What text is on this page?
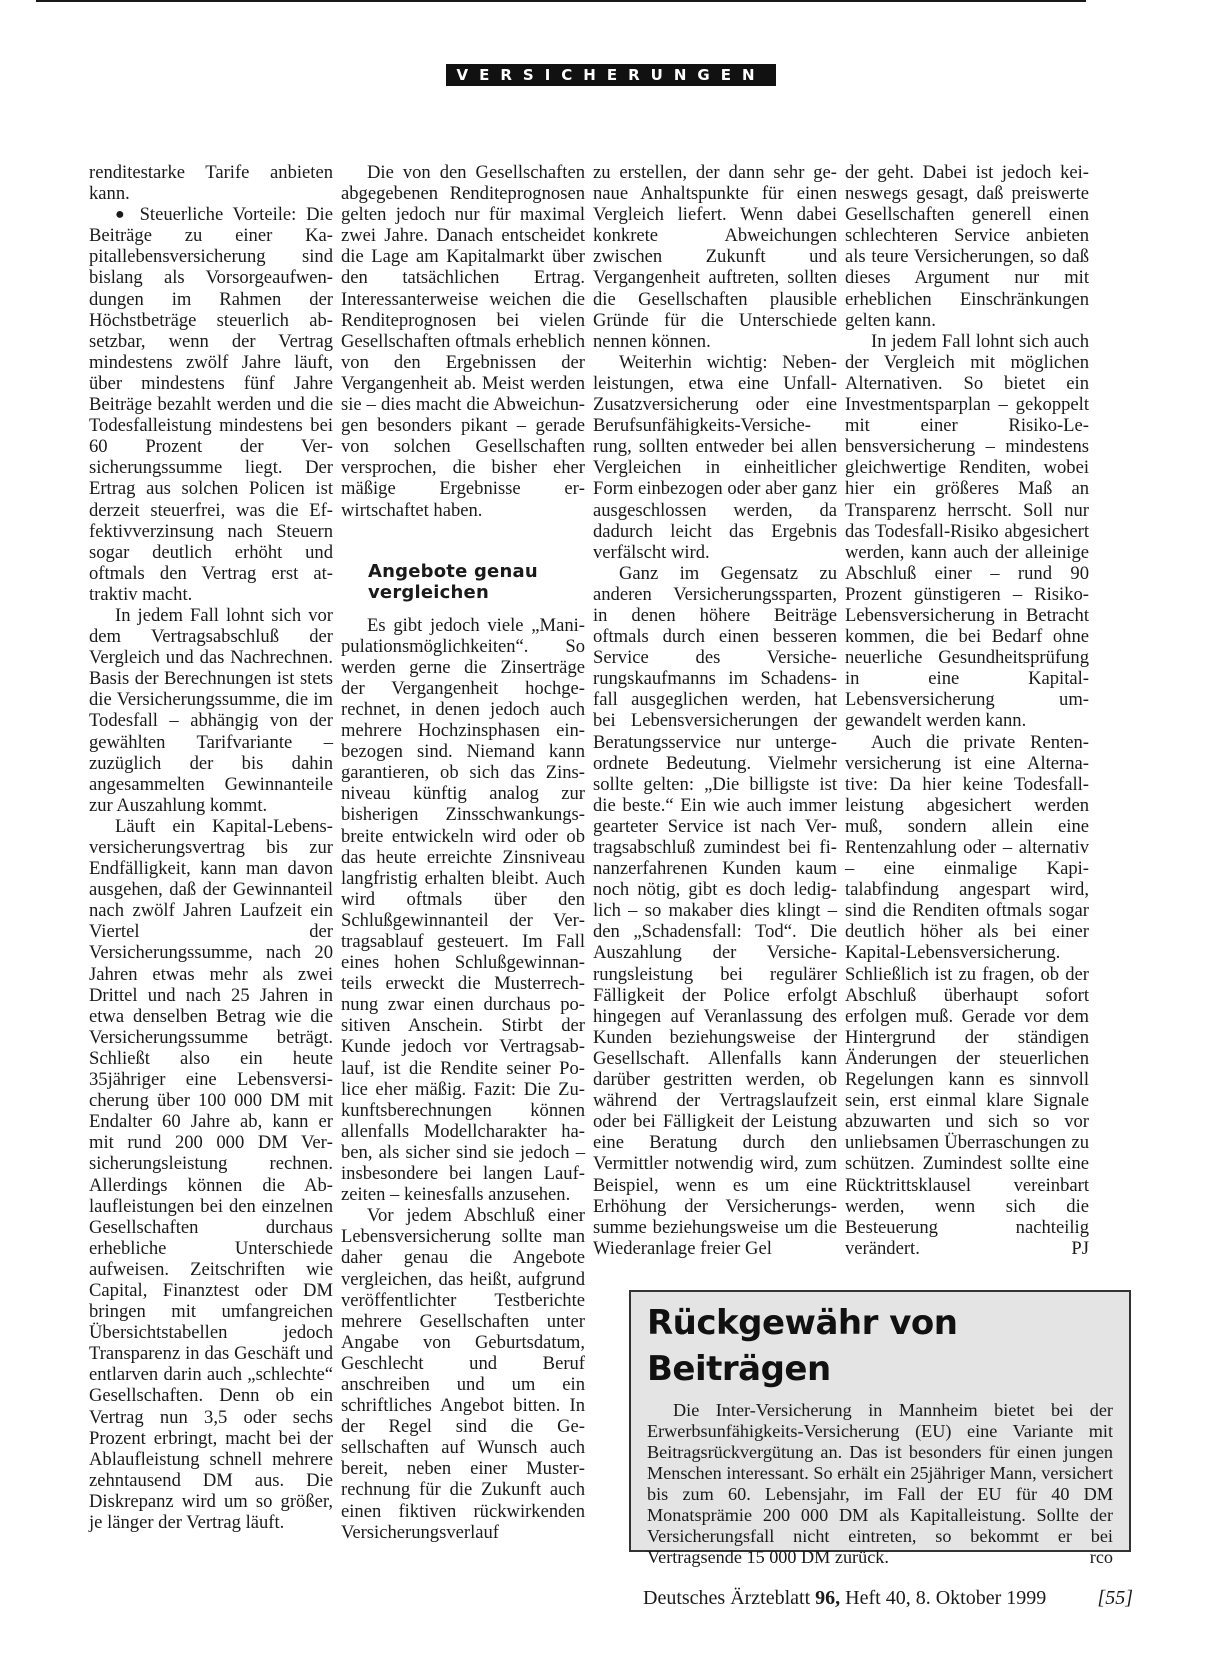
VERSICHERUNGEN

renditestarke Tarife anbieten kann.

● Steuerliche Vorteile: Die Beiträge zu einer Kapitallebensversicherung sind bislang als Vorsorgeaufwendungen im Rahmen der Höchstbeträge steuerlich absetzbar, wenn der Vertrag mindestens zwölf Jahre läuft, über mindestens fünf Jahre Beiträge bezahlt werden und die Todesfalleistung mindestens bei 60 Prozent der Versicherungssumme liegt. Der Ertrag aus solchen Policen ist derzeit steuerfrei, was die Effektivverzinsung nach Steuern sogar deutlich erhöht und oftmals den Vertrag erst attraktiv macht.

In jedem Fall lohnt sich vor dem Vertragsabschluß der Vergleich und das Nachrechnen. Basis der Berechnungen ist stets die Versicherungssumme, die im Todesfall – abhängig von der gewählten Tarifvariante – zuzüglich der bis dahin angesammelten Gewinnanteile zur Auszahlung kommt.

Läuft ein Kapital-Lebensversicherungsvertrag bis zur Endfälligkeit, kann man davon ausgehen, daß der Gewinnanteil nach zwölf Jahren Laufzeit ein Viertel der Versicherungssumme, nach 20 Jahren etwas mehr als zwei Drittel und nach 25 Jahren in etwa denselben Betrag wie die Versicherungssumme beträgt. Schließt also ein heute 35jähriger eine Lebensversicherung über 100 000 DM mit Endalter 60 Jahre ab, kann er mit rund 200 000 DM Versicherungsleistung rechnen. Allerdings können die Ablaufleistungen bei den einzelnen Gesellschaften durchaus erhebliche Unterschiede aufweisen. Zeitschriften wie Capital, Finanztest oder DM bringen mit umfangreichen Übersichtstabellen jedoch Transparenz in das Geschäft und entlarven darin auch „schlechte“ Gesellschaften. Denn ob ein Vertrag nun 3,5 oder sechs Prozent erbringt, macht bei der Ablaufleistung schnell mehrere zehntausend DM aus. Die Diskrepanz wird um so größer, je länger der Vertrag läuft.

Die von den Gesellschaften abgegebenen Renditeprognosen gelten jedoch nur für maximal zwei Jahre. Danach entscheidet die Lage am Kapitalmarkt über den tatsächlichen Ertrag. Interessanterweise weichen die Renditeprognosen bei vielen Gesellschaften oftmals erheblich von den Ergebnissen der Vergangenheit ab. Meist werden sie – dies macht die Abweichungen besonders pikant – gerade von solchen Gesellschaften versprochen, die bisher eher mäßige Ergebnisse erwirtschaftet haben.

Angebote genau vergleichen

Es gibt jedoch viele „Manipulationsmöglichkeiten“. So werden gerne die Zinserträge der Vergangenheit hochgerechnet, in denen jedoch auch mehrere Hochzinsphasen einbezogen sind. Niemand kann garantieren, ob sich das Zinsniveau künftig analog zur bisherigen Zinsschwankungsbreite entwickeln wird oder ob das heute erreichte Zinsniveau langfristig erhalten bleibt. Auch wird oftmals über den Schlußgewinnanteil der Vertragsablauf gesteuert. Im Fall eines hohen Schlußgewinnanteils erweckt die Musterrechnung zwar einen durchaus positiven Anschein. Stirbt der Kunde jedoch vor Vertragsablauf, ist die Rendite seiner Police eher mäßig. Fazit: Die Zukunftsberechnungen können allenfalls Modellcharakter haben, als sicher sind sie jedoch – insbesondere bei langen Laufzeiten – keinesfalls anzusehen.

Vor jedem Abschluß einer Lebensversicherung sollte man daher genau die Angebote vergleichen, das heißt, aufgrund veröffentlichter Testberichte mehrere Gesellschaften unter Angabe von Geburtsdatum, Geschlecht und Beruf anschreiben und um ein schriftliches Angebot bitten. In der Regel sind die Gesellschaften auf Wunsch auch bereit, neben einer Musterrechnung für die Zukunft auch einen fiktiven rückwirkenden Versicherungsverlauf

zu erstellen, der dann sehr genaue Anhaltspunkte für einen Vergleich liefert. Wenn dabei konkrete Abweichungen zwischen Zukunft und Vergangenheit auftreten, sollten die Gesellschaften plausible Gründe für die Unterschiede nennen können.

Weiterhin wichtig: Nebenleistungen, etwa eine Unfall-Zusatzversicherung oder eine Berufsunfähigkeits-Versicherung, sollten entweder bei allen Vergleichen in einheitlicher Form einbezogen oder aber ganz ausgeschlossen werden, da dadurch leicht das Ergebnis verfälscht wird.

Ganz im Gegensatz zu anderen Versicherungssparten, in denen höhere Beiträge oftmals durch einen besseren Service des Versicherungskaufmanns im Schadensfall ausgeglichen werden, hat bei Lebensversicherungen der Beratungsservice nur untergeordnete Bedeutung. Vielmehr sollte gelten: „Die billigste ist die beste.“ Ein wie auch immer gearteter Service ist nach Vertragsabschluß zumindest bei finanzerfahrenen Kunden kaum noch nötig, gibt es doch lediglich – so makaber dies klingt – den „Schadensfall: Tod“. Die Auszahlung der Versicherungsleistung bei regulärer Fälligkeit der Police erfolgt hingegen auf Veranlassung des Kunden beziehungsweise der Gesellschaft. Allenfalls kann darüber gestritten werden, ob während der Vertragslaufzeit oder bei Fälligkeit der Leistung eine Beratung durch den Vermittler notwendig wird, zum Beispiel, wenn es um eine Erhöhung der Versicherungssumme beziehungsweise um die Wiederanlage freier Gel

der geht. Dabei ist jedoch keineswegs gesagt, daß preiswerte Gesellschaften generell einen schlechteren Service anbieten als teure Versicherungen, so daß dieses Argument nur mit erheblichen Einschränkungen gelten kann.

In jedem Fall lohnt sich auch der Vergleich mit möglichen Alternativen. So bietet ein Investmentsparplan – gekoppelt mit einer Risiko-Lebensversicherung – mindestens gleichwertige Renditen, wobei hier ein größeres Maß an Transparenz herrscht. Soll nur das Todesfall-Risiko abgesichert werden, kann auch der alleinige Abschluß einer – rund 90 Prozent günstigeren – Risiko-Lebensversicherung in Betracht kommen, die bei Bedarf ohne neuerliche Gesundheitsprüfung in eine Kapital-Lebensversicherung umgewandelt werden kann.

Auch die private Rentenversicherung ist eine Alternative: Da hier keine Todesfallleistung abgesichert werden muß, sondern allein eine Rentenzahlung oder – alternativ – eine einmalige Kapitalabfindung angespart wird, sind die Renditen oftmals sogar deutlich höher als bei einer Kapital-Lebensversicherung. Schließlich ist zu fragen, ob der Abschluß überhaupt sofort erfolgen muß. Gerade vor dem Hintergrund der ständigen Änderungen der steuerlichen Regelungen kann es sinnvoll sein, erst einmal klare Signale abzuwarten und sich so vor unliebsamen Überraschungen zu schützen. Zumindest sollte eine Rücktrittsklausel vereinbart werden, wenn sich die Besteuerung nachteilig verändert.	PJ

Rückgewähr von Beiträgen

Die Inter-Versicherung in Mannheim bietet bei der Erwerbsunfähigkeits-Versicherung (EU) eine Variante mit Beitragsrückvergütung an. Das ist besonders für einen jungen Menschen interessant. So erhält ein 25jähriger Mann, versichert bis zum 60. Lebensjahr, im Fall der EU für 40 DM Monatsprämie 200 000 DM als Kapitalleistung. Sollte der Versicherungsfall nicht eintreten, so bekommt er bei Vertragsende 15 000 DM zurück.	rco

Deutsches Ärzteblatt 96, Heft 40, 8. Oktober 1999	[55]
